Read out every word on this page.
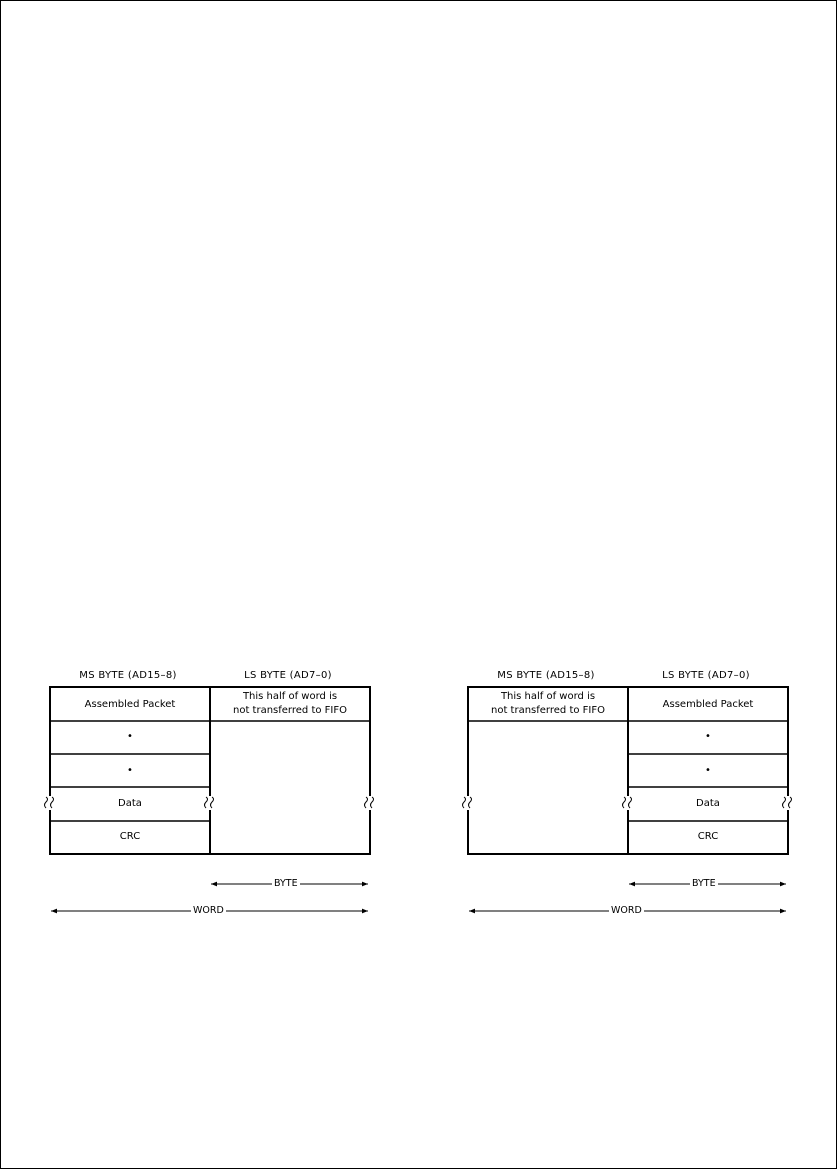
MS BYTE (AD15–8)	LS BYTE (AD7–0)
Assembled Packet
•
•
Data
CRC
This half of word is
not transferred to FIFO
BYTE
WORD
MS BYTE (AD15–8)	LS BYTE (AD7–0)
This half of word is
not transferred to FIFO
Assembled Packet
•
•
Data
CRC
BYTE
WORD
